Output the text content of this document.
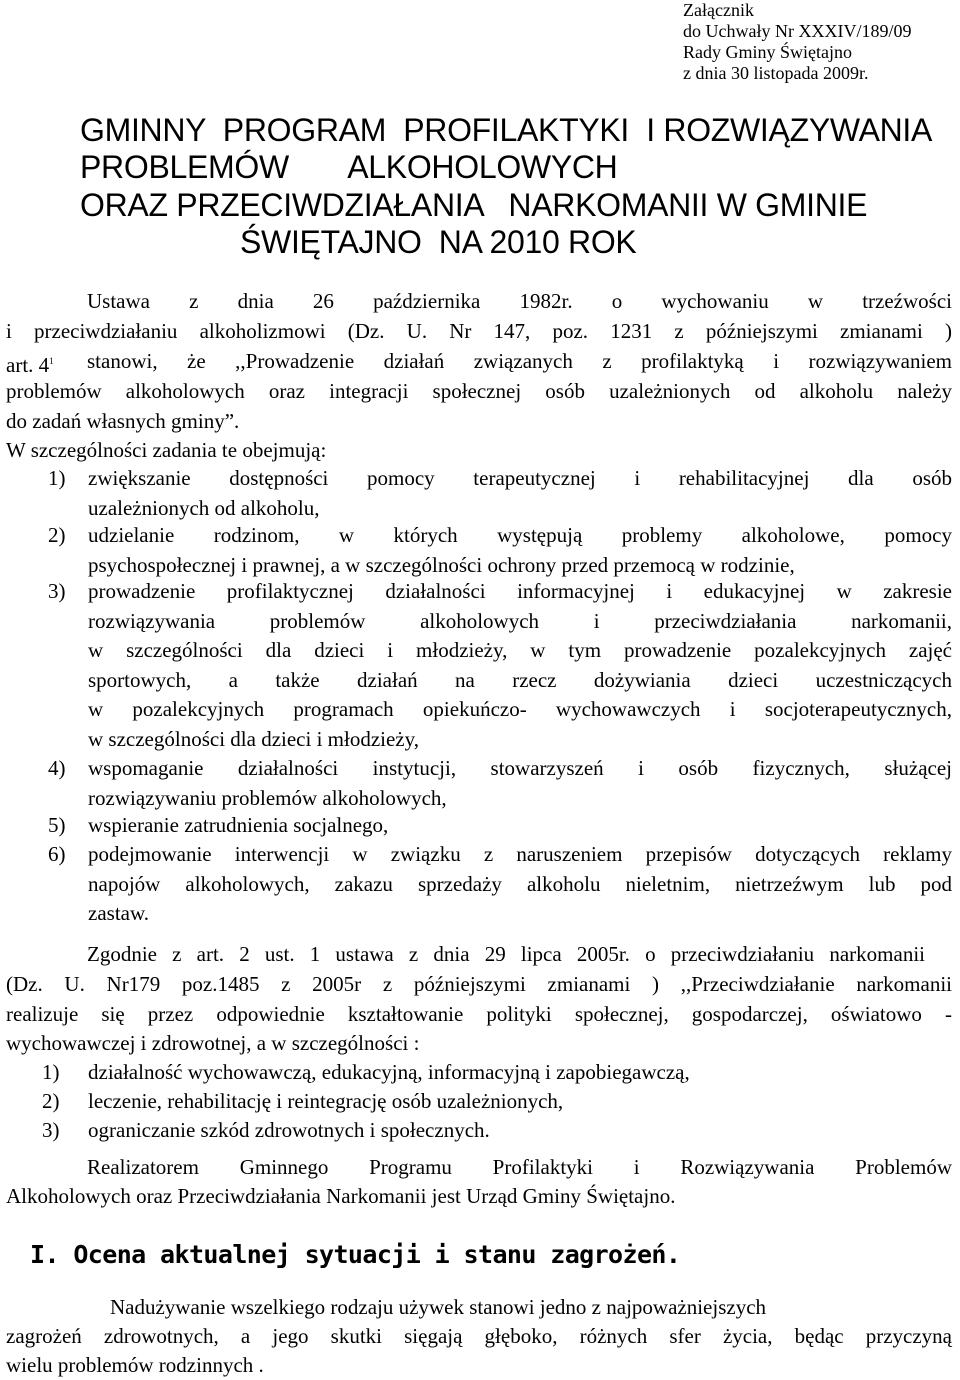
Załącznik
do Uchwały Nr XXXIV/189/09
Rady Gminy Świętajno
z dnia 30 listopada 2009r.
GMINNY  PROGRAM  PROFILAKTYKI  I ROZWIĄZYWANIA
PROBLEMÓW       ALKOHOLOWYCH
ORAZ PRZECIWDZIAŁANIA   NARKOMANII W GMINIE
ŚWIĘTAJNO  NA 2010 ROK
Ustawa z dnia 26 października 1982r. o wychowaniu w trzeźwości
i przeciwdziałaniu alkoholizmowi (Dz. U. Nr 147, poz. 1231 z późniejszymi zmianami )
art. $4^1$ stanowi, że ,,Prowadzenie działań związanych z profilaktyką i rozwiązywaniem
problemów alkoholowych oraz integracji społecznej osób uzależnionych od alkoholu należy
do zadań własnych gminy”.
W szczególności zadania te obejmują:
1) zwiększanie dostępności pomocy terapeutycznej i rehabilitacyjnej dla osób
uzależnionych od alkoholu,
2) udzielanie rodzinom, w których występują problemy alkoholowe, pomocy
psychospołecznej i prawnej, a w szczególności ochrony przed przemocą w rodzinie,
3) prowadzenie profilaktycznej działalności informacyjnej i edukacyjnej w zakresie
rozwiązywania problemów alkoholowych i przeciwdziałania narkomanii,
w szczególności dla dzieci i młodzieży, w tym prowadzenie pozalekcyjnych zajęć
sportowych, a także działań na rzecz dożywiania dzieci uczestniczących
w pozalekcyjnych programach opiekuńczo- wychowawczych i socjoterapeutycznych,
w szczególności dla dzieci i młodzieży,
4) wspomaganie działalności instytucji, stowarzyszeń i osób fizycznych, służącej
rozwiązywaniu problemów alkoholowych,
5) wspieranie zatrudnienia socjalnego,
6) podejmowanie interwencji w związku z naruszeniem przepisów dotyczących reklamy
napojów alkoholowych, zakazu sprzedaży alkoholu nieletnim, nietrzeźwym lub pod
zastaw.
Zgodnie z art. 2 ust. 1 ustawa z dnia 29 lipca 2005r. o przeciwdziałaniu narkomanii
(Dz. U. Nr179 poz.1485 z 2005r z późniejszymi zmianami ) ,,Przeciwdziałanie narkomanii
realizuje się przez odpowiednie kształtowanie polityki społecznej, gospodarczej, oświatowo -
wychowawczej i zdrowotnej, a w szczególności :
1) działalność wychowawczą, edukacyjną, informacyjną i zapobiegawczą,
2) leczenie, rehabilitację i reintegrację osób uzależnionych,
3) ograniczanie szkód zdrowotnych i społecznych.
Realizatorem Gminnego Programu Profilaktyki i Rozwiązywania Problemów
Alkoholowych oraz Przeciwdziałania Narkomanii jest Urząd Gminy Świętajno.
I. Ocena aktualnej sytuacji i stanu zagrożeń.
Nadużywanie wszelkiego rodzaju używek stanowi jedno z najpoważniejszych
zagrożeń zdrowotnych, a jego skutki sięgają głęboko, różnych sfer życia, będąc przyczyną
wielu problemów rodzinnych .
